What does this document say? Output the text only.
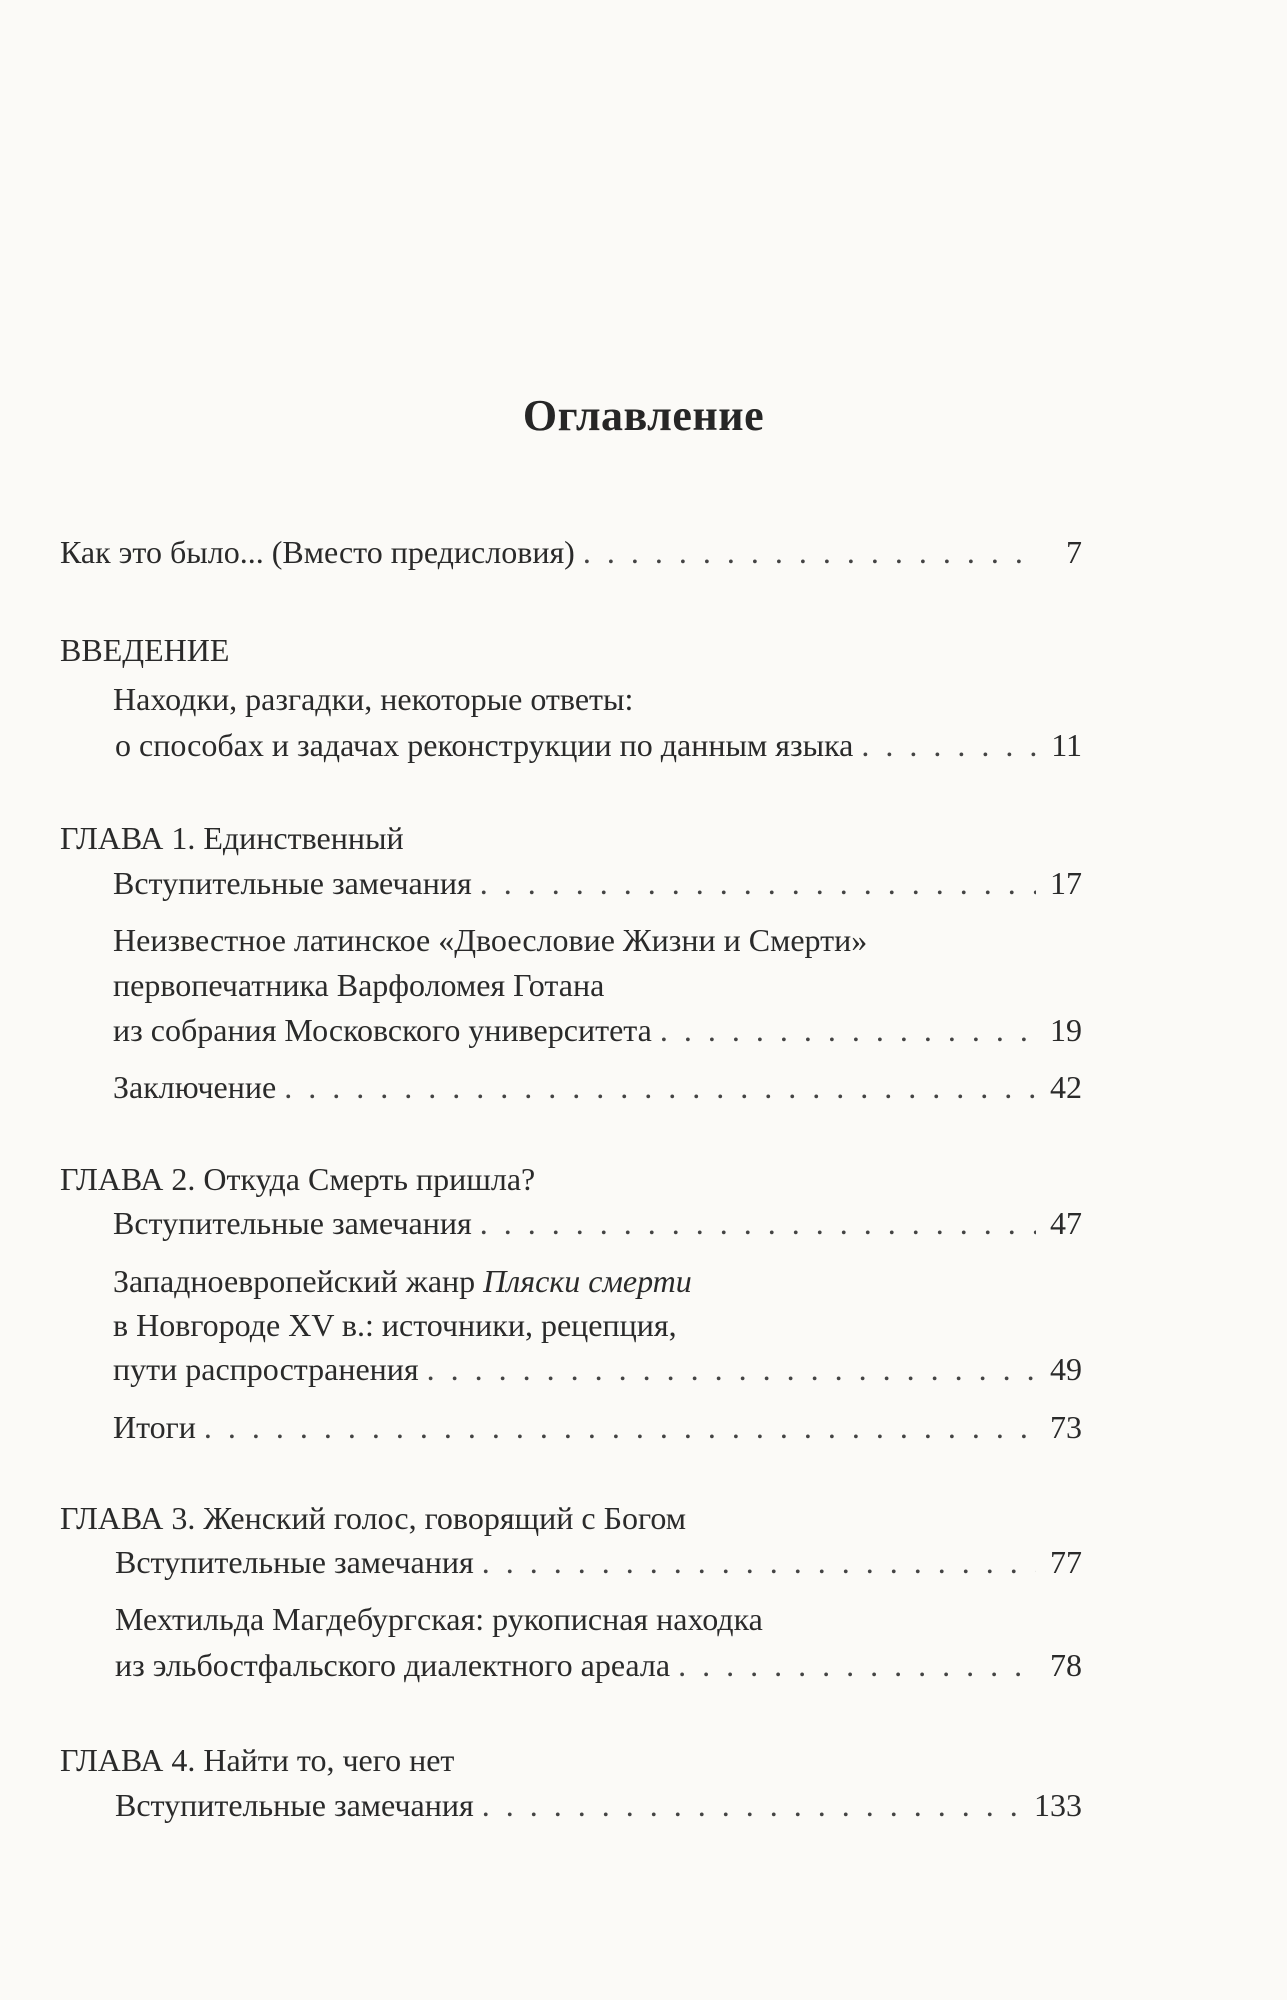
Оглавление
Как это было... (Вместо предисловия) . . .	7
ВВЕДЕНИЕ
Находки, разгадки, некоторые ответы:
о способах и задачах реконструкции по данным языка . . .	11
ГЛАВА 1. Единственный
Вступительные замечания . . .	17
Неизвестное латинское «Двоесловие Жизни и Смерти»
первопечатника Варфоломея Готана
из собрания Московского университета . . .	19
Заключение . . .	42
ГЛАВА 2. Откуда Смерть пришла?
Вступительные замечания . . .	47
Западноевропейский жанр Пляски смерти
в Новгороде XV в.: источники, рецепция,
пути распространения . . .	49
Итоги . . .	73
ГЛАВА 3. Женский голос, говорящий с Богом
Вступительные замечания . . .	77
Мехтильда Магдебургская: рукописная находка
из эльбостфальского диалектного ареала . . .	78
ГЛАВА 4. Найти то, чего нет
Вступительные замечания . . .	133
